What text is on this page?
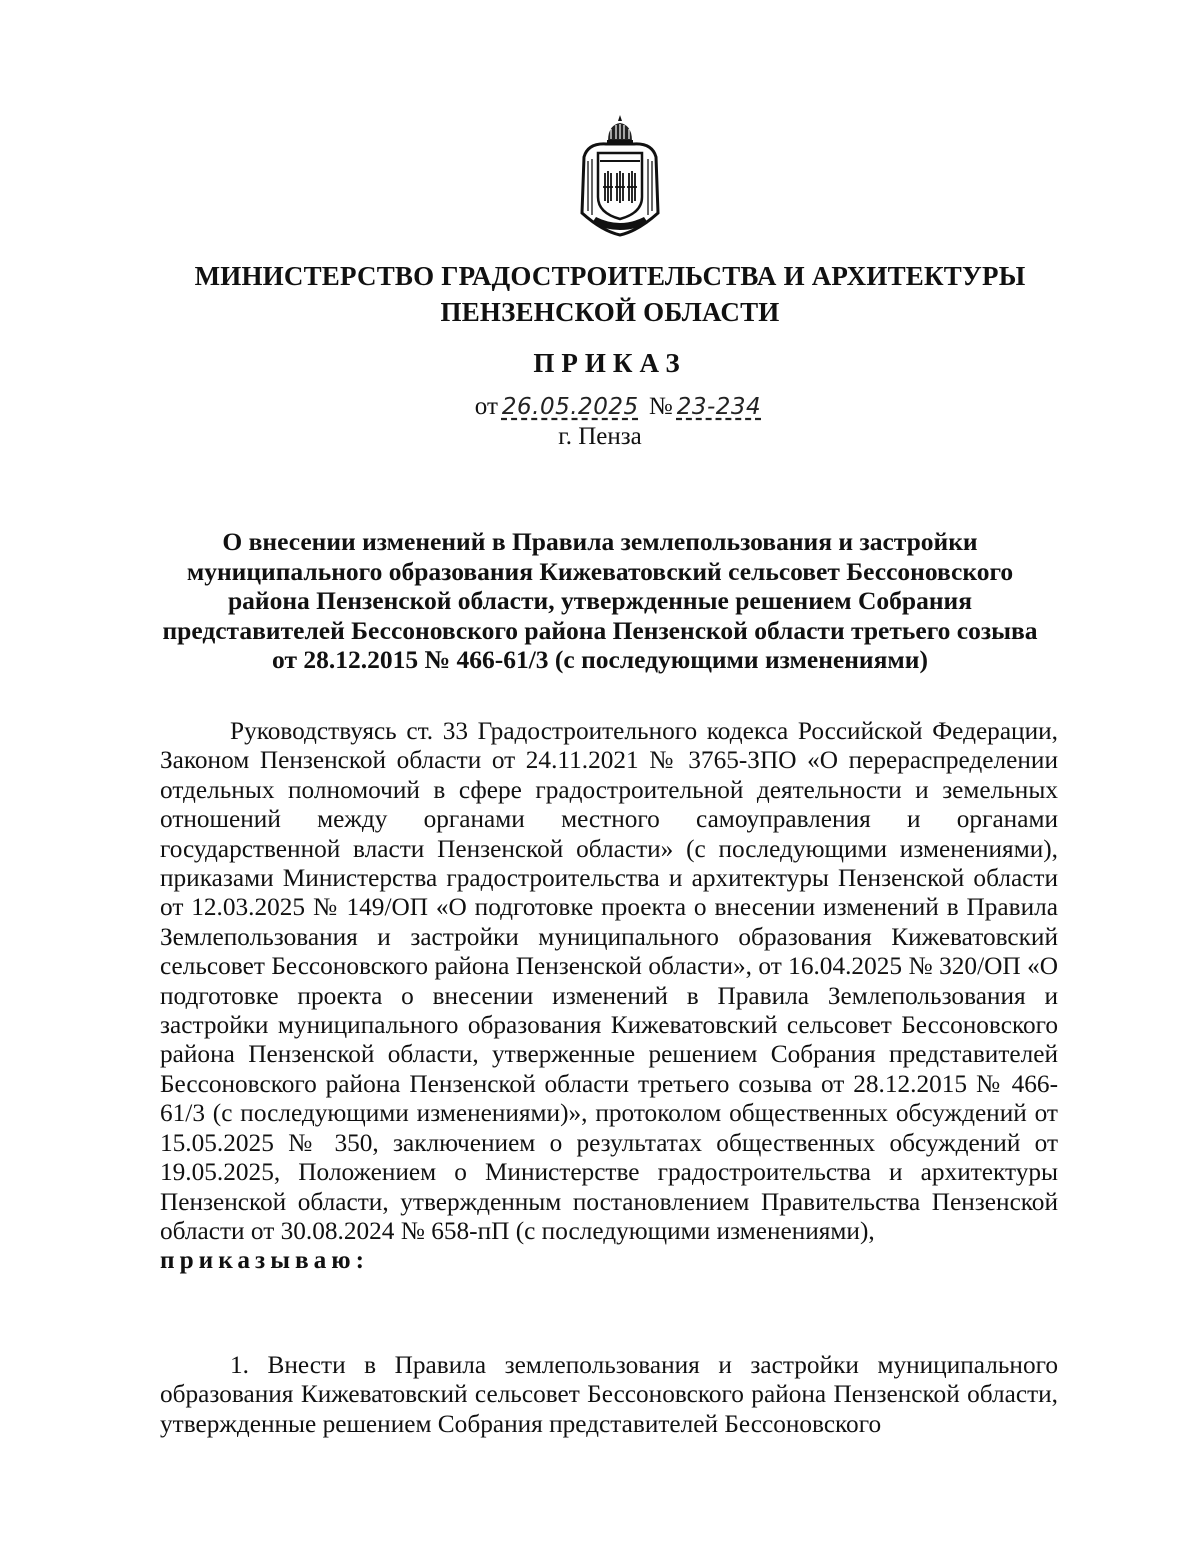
МИНИСТЕРСТВО ГРАДОСТРОИТЕЛЬСТВА И АРХИТЕКТУРЫ
ПЕНЗЕНСКОЙ ОБЛАСТИ
ПРИКАЗ
от 26.05.2025 № 23-234
г. Пенза
О внесении изменений в Правила землепользования и застройки муниципального образования Кижеватовский сельсовет Бессоновского района Пензенской области, утвержденные решением Собрания представителей Бессоновского района Пензенской области третьего созыва от 28.12.2015 № 466-61/3 (с последующими изменениями)
Руководствуясь ст. 33 Градостроительного кодекса Российской Федерации, Законом Пензенской области от 24.11.2021 № 3765-ЗПО «О перераспределении отдельных полномочий в сфере градостроительной деятельности и земельных отношений между органами местного самоуправления и органами государственной власти Пензенской области» (с последующими изменениями), приказами Министерства градостроительства и архитектуры Пензенской области от 12.03.2025 № 149/ОП «О подготовке проекта о внесении изменений в Правила Землепользования и застройки муниципального образования Кижеватовский сельсовет Бессоновского района Пензенской области», от 16.04.2025 № 320/ОП «О подготовке проекта о внесении изменений в Правила Землепользования и застройки муниципального образования Кижеватовский сельсовет Бессоновского района Пензенской области, утверженные решением Собрания представителей Бессоновского района Пензенской области третьего созыва от 28.12.2015 № 466-61/3 (с последующими изменениями)», протоколом общественных обсуждений от 15.05.2025 № 350, заключением о результатах общественных обсуждений от 19.05.2025, Положением о Министерстве градостроительства и архитектуры Пензенской области, утвержденным постановлением Правительства Пензенской области от 30.08.2024 № 658-пП (с последующими изменениями),
приказываю:
1. Внести в Правила землепользования и застройки муниципального образования Кижеватовский сельсовет Бессоновского района Пензенской области, утвержденные решением Собрания представителей Бессоновского
